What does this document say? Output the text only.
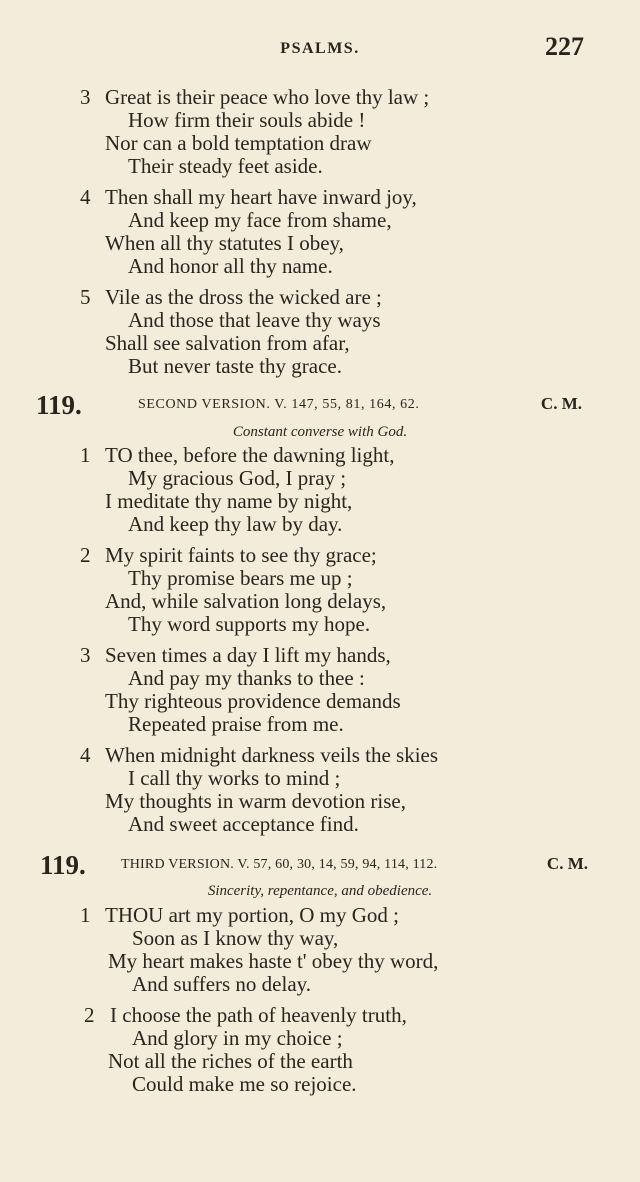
PSALMS.	227
3 Great is their peace who love thy law ;
How firm their souls abide !
Nor can a bold temptation draw
Their steady feet aside.
4 Then shall my heart have inward joy,
And keep my face from shame,
When all thy statutes I obey,
And honor all thy name.
5 Vile as the dross the wicked are ;
And those that leave thy ways
Shall see salvation from afar,
But never taste thy grace.
119.	SECOND VERSION. V. 147, 55, 81, 164, 62.	C. M.
Constant converse with God.
1 TO thee, before the dawning light,
My gracious God, I pray ;
I meditate thy name by night,
And keep thy law by day.
2 My spirit faints to see thy grace;
Thy promise bears me up ;
And, while salvation long delays,
Thy word supports my hope.
3 Seven times a day I lift my hands,
And pay my thanks to thee :
Thy righteous providence demands
Repeated praise from me.
4 When midnight darkness veils the skies
I call thy works to mind ;
My thoughts in warm devotion rise,
And sweet acceptance find.
119.	THIRD VERSION. V. 57, 60, 30, 14, 59, 94, 114, 112.	C. M.
Sincerity, repentance, and obedience.
1 THOU art my portion, O my God ;
Soon as I know thy way,
My heart makes haste t' obey thy word,
And suffers no delay.
2 I choose the path of heavenly truth,
And glory in my choice ;
Not all the riches of the earth
Could make me so rejoice.
